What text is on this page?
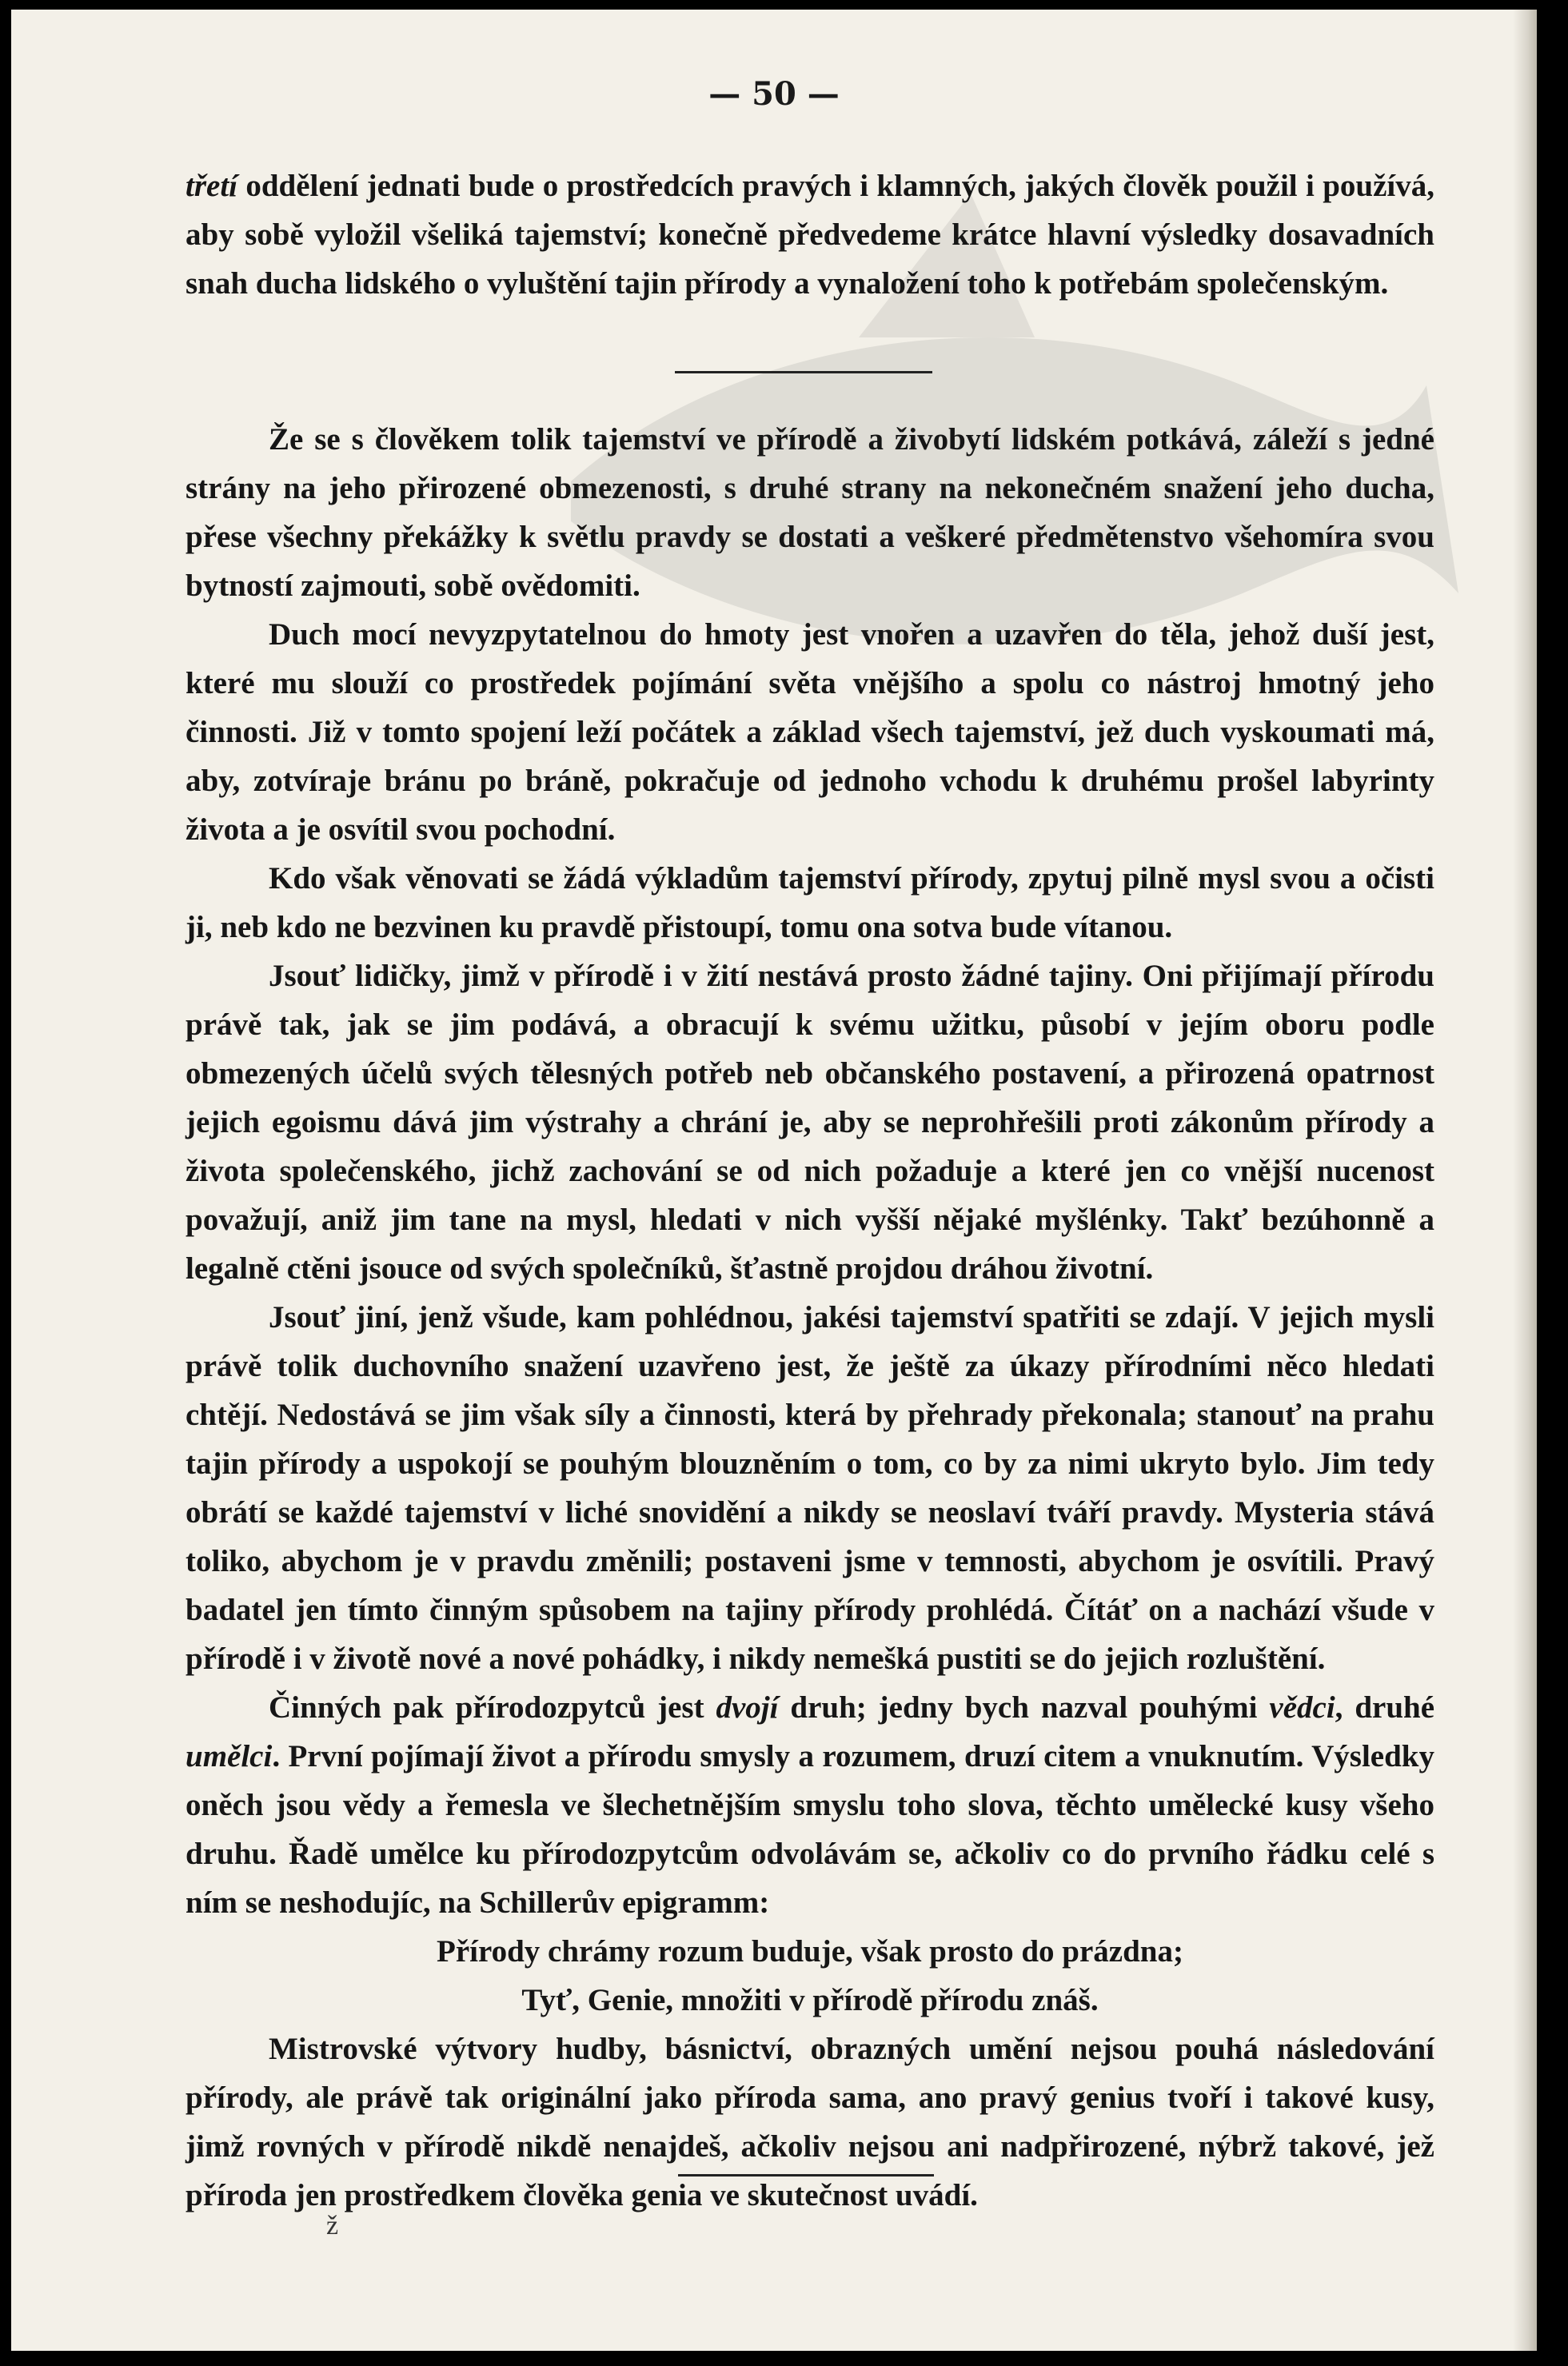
— 50 —

třetí oddělení jednati bude o prostředcích pravých i klamných, jakých člověk použil i používá, aby sobě vyložil všeliká tajemství; konečně předvedeme krátce hlavní výsledky dosavadních snah ducha lidského o vyluštění tajin přírody a vynaložení toho k potřebám společenským.

Že se s člověkem tolik tajemství ve přírodě a živobytí lidském potkává, záleží s jedné strány na jeho přirozené obmezenosti, s druhé strany na nekonečném snažení jeho ducha, přese všechny překážky k světlu pravdy se dostati a veškeré předmětenstvo všehomíra svou bytností zajmouti, sobě ovědomiti.

Duch mocí nevyzpytatelnou do hmoty jest vnořen a uzavřen do těla, jehož duší jest, které mu slouží co prostředek pojímání světa vnějšího a spolu co nástroj hmotný jeho činnosti. Již v tomto spojení leží počátek a základ všech tajemství, jež duch vyskoumati má, aby, zotvíraje bránu po bráně, pokračuje od jednoho vchodu k druhému prošel labyrinty života a je osvítil svou pochodní.

Kdo však věnovati se žádá výkladům tajemství přírody, zpytuj pilně mysl svou a očisti ji, neb kdo ne bezvinen ku pravdě přistoupí, tomu ona sotva bude vítanou.

Jsouť lidičky, jimž v přírodě i v žití nestává prosto žádné tajiny. Oni přijímají přírodu právě tak, jak se jim podává, a obracují k svému užitku, působí v jejím oboru podle obmezených účelů svých tělesných potřeb neb občanského postavení, a přirozená opatrnost jejich egoismu dává jim výstrahy a chrání je, aby se neprohřešili proti zákonům přírody a života společenského, jichž zachování se od nich požaduje a které jen co vnější nucenost považují, aniž jim tane na mysl, hledati v nich vyšší nějaké myšlénky. Takť bezúhonně a legalně ctěni jsouce od svých společníků, šťastně projdou dráhou životní.

Jsouť jiní, jenž všude, kam pohlédnou, jakési tajemství spatřiti se zdají. V jejich mysli právě tolik duchovního snažení uzavřeno jest, že ještě za úkazy přírodními něco hledati chtějí. Nedostává se jim však síly a činnosti, která by přehrady překonala; stanouť na prahu tajin přírody a uspokojí se pouhým blouzněním o tom, co by za nimi ukryto bylo. Jim tedy obrátí se každé tajemství v liché snovidění a nikdy se neoslaví tváří pravdy. Mysteria stává toliko, abychom je v pravdu změnili; postaveni jsme v temnosti, abychom je osvítili. Pravý badatel jen tímto činným spůsobem na tajiny přírody prohlédá. Čítáť on a nachází všude v přírodě i v životě nové a nové pohádky, i nikdy nemešká pustiti se do jejich rozluštění.

Činných pak přírodozpytců jest dvojí druh; jedny bych nazval pouhými vědci, druhé umělci. První pojímají život a přírodu smysly a rozumem, druzí citem a vnuknutím. Výsledky oněch jsou vědy a řemesla ve šlechetnějším smyslu toho slova, těchto umělecké kusy všeho druhu. Řadě umělce ku přírodozpytcům odvolávám se, ačkoliv co do prvního řádku celé s ním se neshodujíc, na Schillerův epigramm:

Přírody chrámy rozum buduje, však prosto do prázdna;

Tyť, Genie, množiti v přírodě přírodu znáš.

Mistrovské výtvory hudby, básnictví, obrazných umění nejsou pouhá následování přírody, ale právě tak originální jako příroda sama, ano pravý genius tvoří i takové kusy, jimž rovných v přírodě nikdě nenajdeš, ačkoliv nejsou ani nadpřirozené, nýbrž takové, jež příroda jen prostředkem člověka genia ve skutečnost uvádí.

ž
